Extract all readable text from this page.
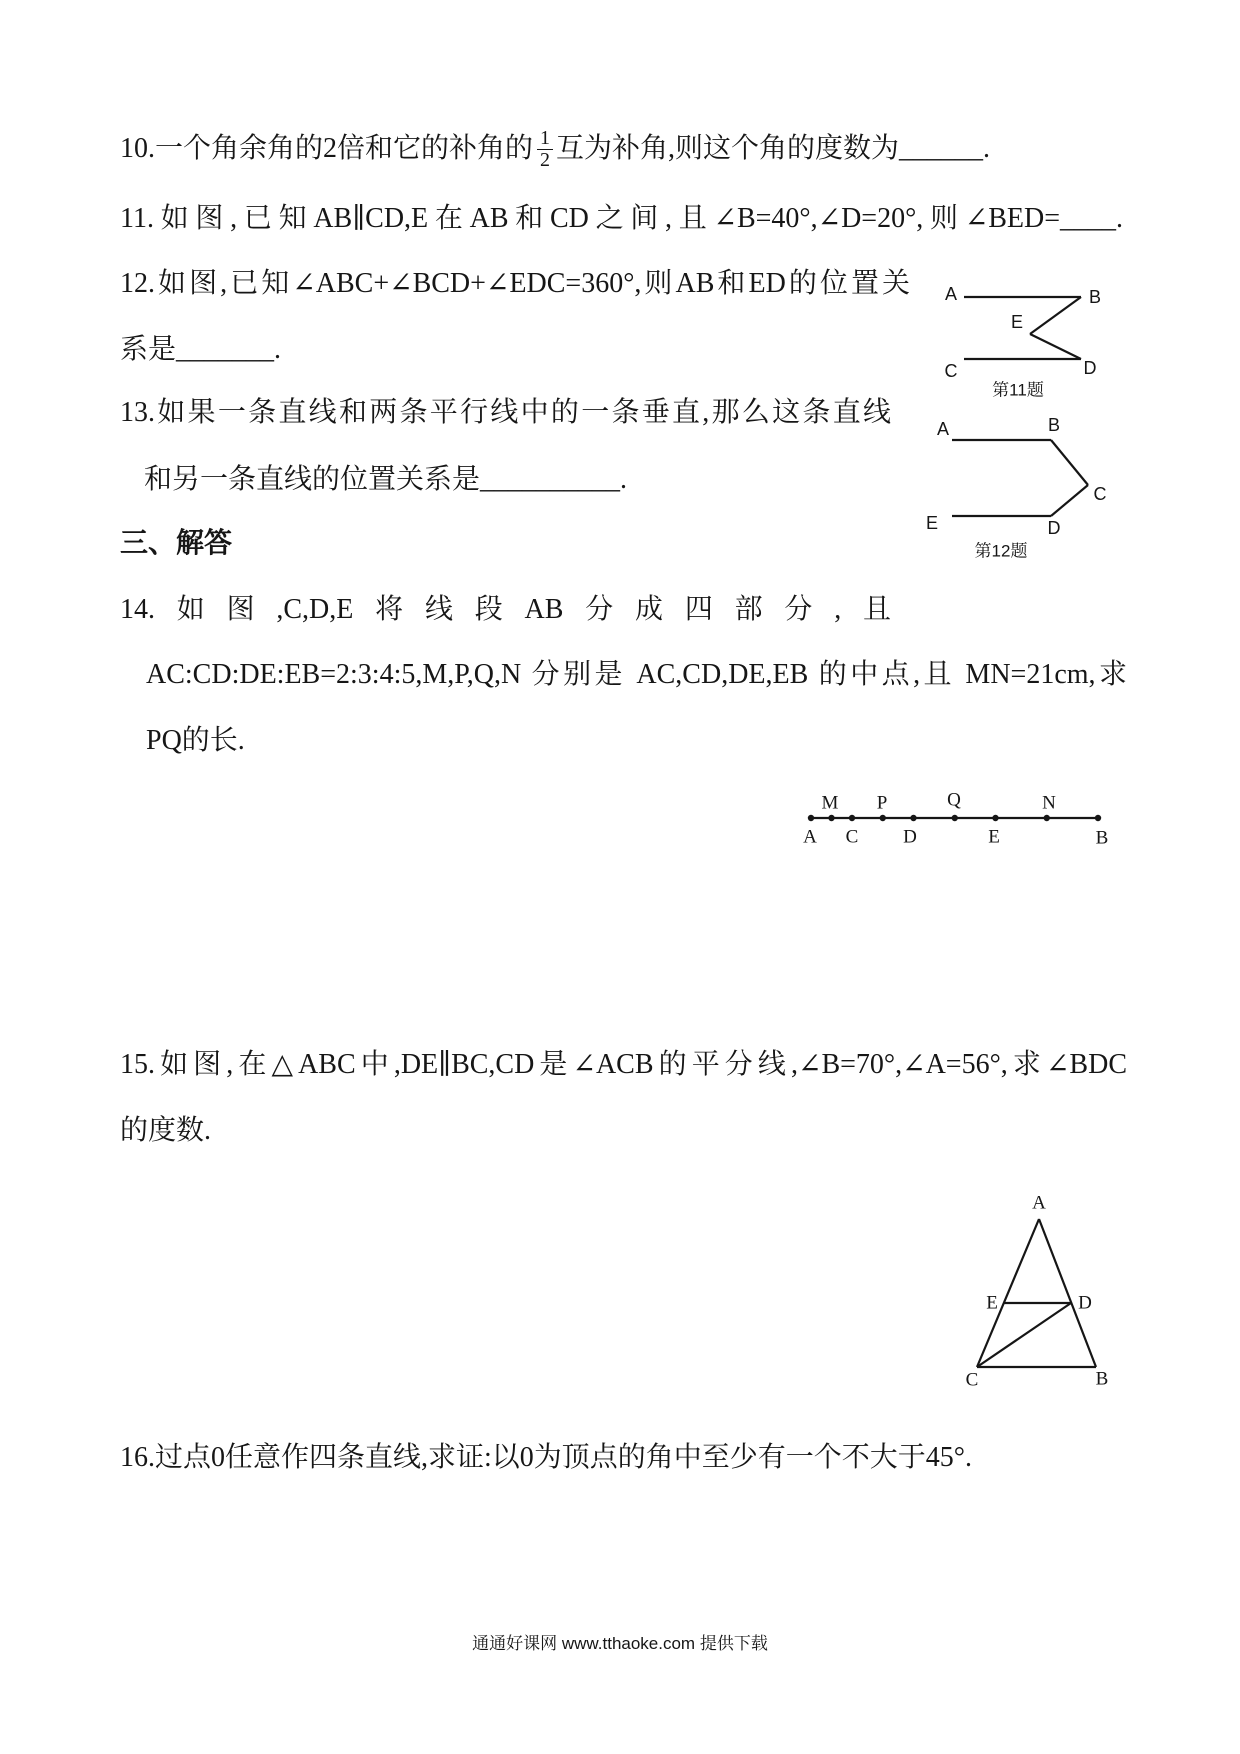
10.一个角余角的2倍和它的补角的 $\frac{1}{2}$ 互为补角,则这个角的度数为______.
11.如图,已知AB∥CD,E在AB和CD之间,且∠B=40°,∠D=20°,则∠BED=____.
12.如图,已知∠ABC+∠BCD+∠EDC=360°,则AB和ED的位置关
系是_______.
13.如果一条直线和两条平行线中的一条垂直,那么这条直线
和另一条直线的位置关系是__________.
三、解答
14.如图,C,D,E将线段AB分成四部分,且
AC:CD:DE:EB=2:3:4:5,M,P,Q,N 分别是 AC,CD,DE,EB 的中点,且 MN=21cm,求
PQ的长.
15.如图,在△ABC中,DE∥BC,CD是∠ACB的平分线,∠B=70°,∠A=56°,求∠BDC
的度数.
16.过点0任意作四条直线,求证:以0为顶点的角中至少有一个不大于45°.
A	B
E
C	D
第11题
A	B
C
E	D
第12题
M P	Q	N
A C D	E	B
A
E	D
C	B
通通好课网 www.tthaoke.com 提供下载
